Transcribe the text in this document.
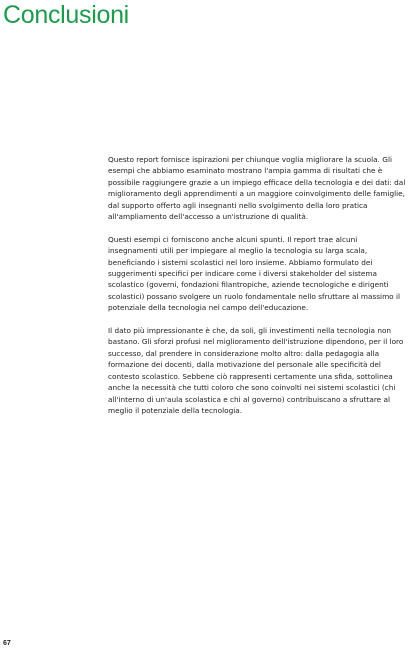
Conclusioni

Questo report fornisce ispirazioni per chiunque voglia migliorare la scuola. Gli esempi che abbiamo esaminato mostrano l'ampia gamma di risultati che è possibile raggiungere grazie a un impiego efficace della tecnologia e dei dati: dal miglioramento degli apprendimenti a un maggiore coinvolgimento delle famiglie, dal supporto offerto agli insegnanti nello svolgimento della loro pratica all'ampliamento dell'accesso a un'istruzione di qualità.

Questi esempi ci forniscono anche alcuni spunti. Il report trae alcuni insegnamenti utili per impiegare al meglio la tecnologia su larga scala, beneficiando i sistemi scolastici nel loro insieme. Abbiamo formulato dei suggerimenti specifici per indicare come i diversi stakeholder del sistema scolastico (governi, fondazioni filantropiche, aziende tecnologiche e dirigenti scolastici) possano svolgere un ruolo fondamentale nello sfruttare al massimo il potenziale della tecnologia nel campo dell'educazione.

Il dato più impressionante è che, da soli, gli investimenti nella tecnologia non bastano. Gli sforzi profusi nel miglioramento dell'istruzione dipendono, per il loro successo, dal prendere in considerazione molto altro: dalla pedagogia alla formazione dei docenti, dalla motivazione del personale alle specificità del contesto scolastico. Sebbene ciò rappresenti certamente una sfida, sottolinea anche la necessità che tutti coloro che sono coinvolti nei sistemi scolastici (chi all'interno di un'aula scolastica e chi al governo) contribuiscano a sfruttare al meglio il potenziale della tecnologia.

67
